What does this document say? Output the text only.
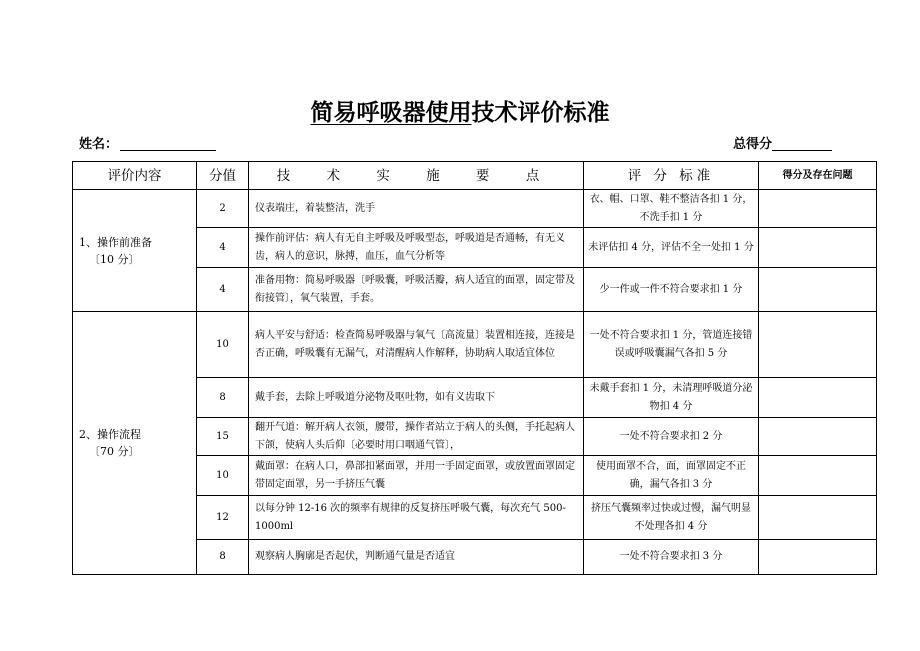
简易呼吸器使用技术评价标准
姓名：	总得分
评价内容	分值	技 术 实 施 要 点	评 分 标准	得分及存在问题
1、操作前准备
〔10 分〕	2	仪表端庄，着装整洁，洗手	衣、帽、口罩、鞋不整洁各扣 1 分，不洗手扣 1 分	
	4	操作前评估：病人有无自主呼吸及呼吸型态，呼吸道是否通畅，有无义齿，病人的意识，脉搏，血压，血气分析等	未评估扣 4 分，评估不全一处扣 1 分	
	4	准备用物：简易呼吸器〔呼吸囊，呼吸活瓣，病人适宜的面罩，固定带及衔接管〕，氧气装置，手套。	少一件或一件不符合要求扣 1 分	
2、操作流程
〔70 分〕	10	病人平安与舒适：检查简易呼吸器与氧气〔高流量〕装置相连接，连接是否正确，呼吸囊有无漏气，对清醒病人作解释，协助病人取适宜体位	一处不符合要求扣 1 分，管道连接错误或呼吸囊漏气各扣 5 分	
	8	戴手套，去除上呼吸道分泌物及呕吐物，如有义齿取下	未戴手套扣 1 分，未清理呼吸道分泌物扣 4 分	
	15	翻开气道：解开病人衣领，腰带，操作者站立于病人的头侧，手托起病人下颌，使病人头后仰〔必要时用口咽通气管〕，	一处不符合要求扣 2 分	
	10	戴面罩：在病人口，鼻部扣紧面罩，并用一手固定面罩，或放置面罩固定带固定面罩，另一手挤压气囊	使用面罩不合，面，面罩固定不正确，漏气各扣 3 分	
	12	以每分钟 12-16 次的频率有规律的反复挤压呼吸气囊，每次充气 500-1000ml	挤压气囊频率过快或过慢，漏气明显不处理各扣 4 分	
	8	观察病人胸廓是否起伏，判断通气量是否适宜	一处不符合要求扣 3 分	
